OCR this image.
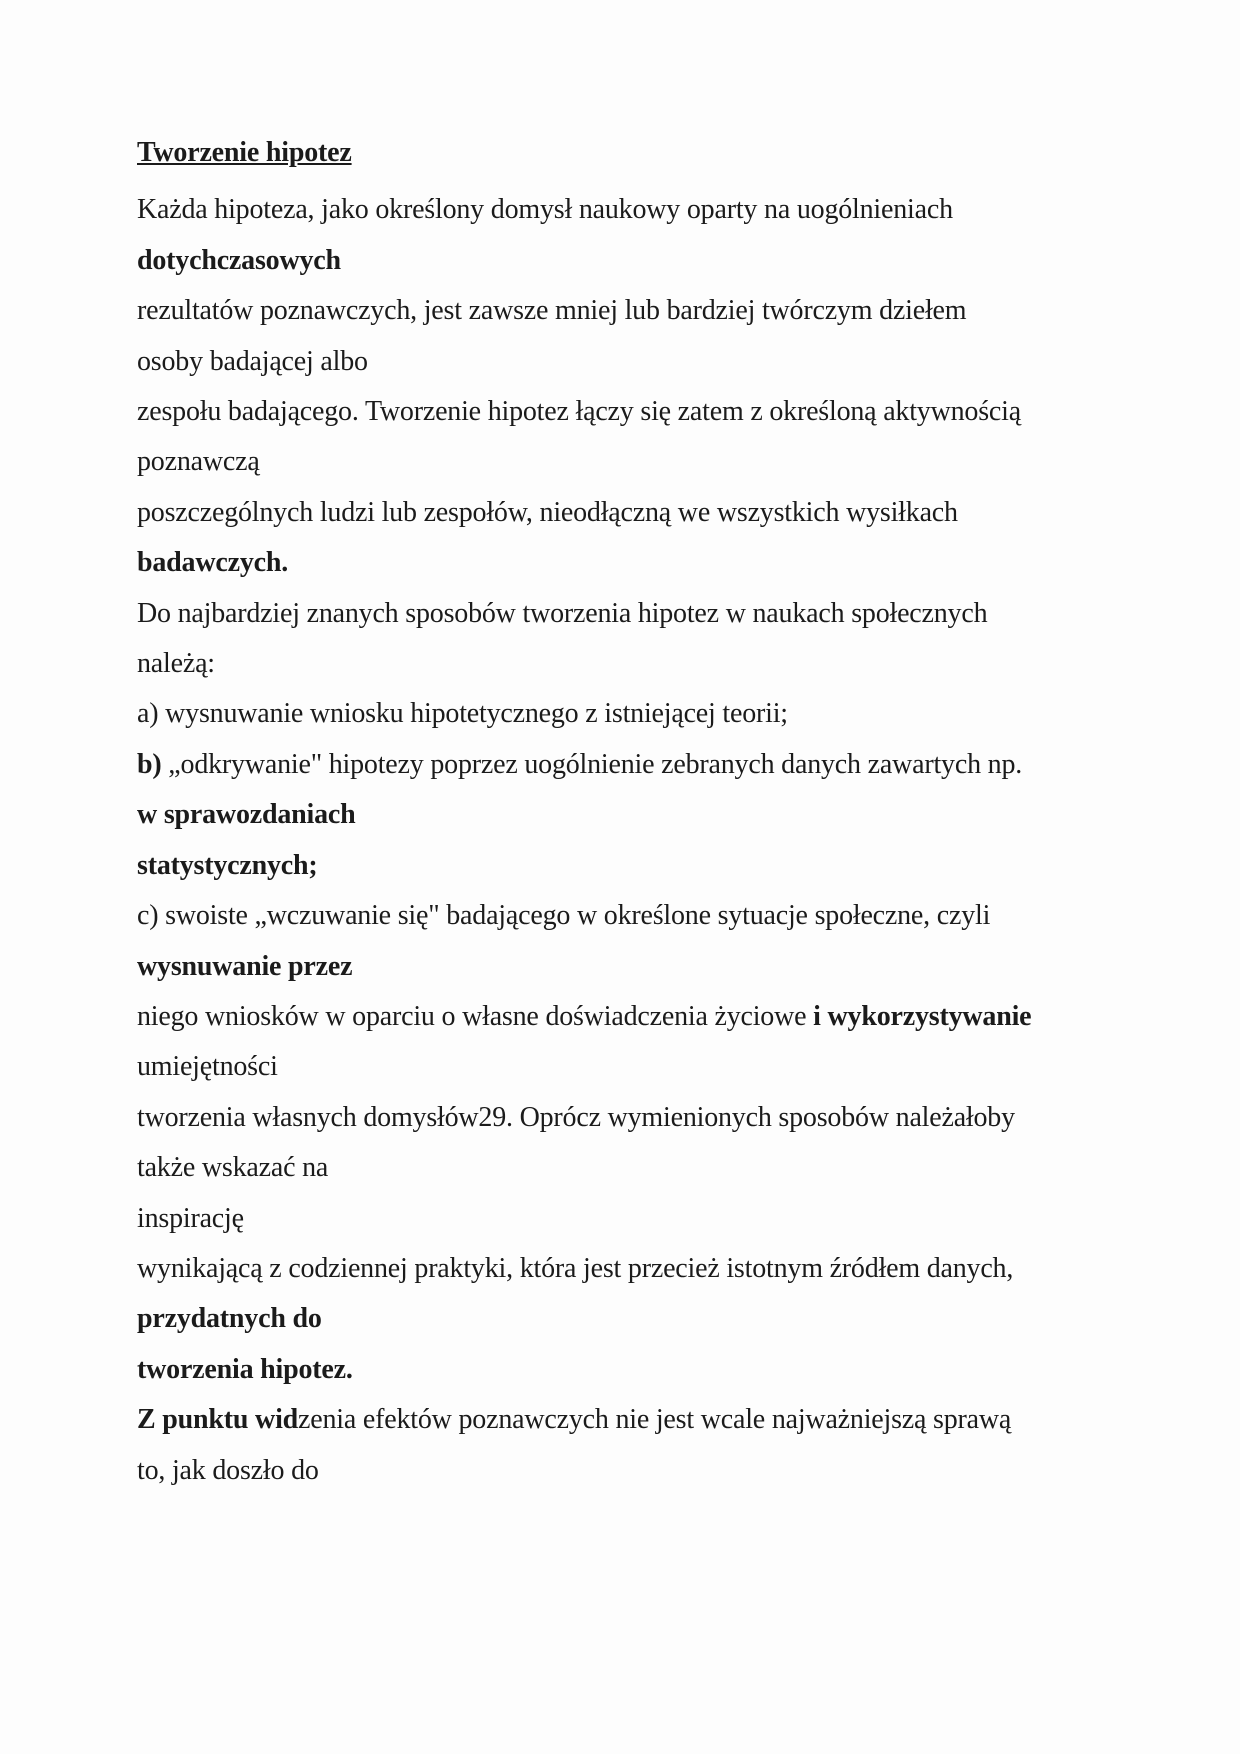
Tworzenie hipotez
Każda hipoteza, jako określony domysł naukowy oparty na uogólnieniach
dotychczasowych
rezultatów poznawczych, jest zawsze mniej lub bardziej twórczym dziełem
osoby badającej albo
zespołu badającego. Tworzenie hipotez łączy się zatem z określoną aktywnością
poznawczą
poszczególnych ludzi lub zespołów, nieodłączną we wszystkich wysiłkach
badawczych.
Do najbardziej znanych sposobów tworzenia hipotez w naukach społecznych
należą:
a) wysnuwanie wniosku hipotetycznego z istniejącej teorii;
b) „odkrywanie" hipotezy poprzez uogólnienie zebranych danych zawartych np.
w sprawozdaniach
statystycznych;
c) swoiste „wczuwanie się" badającego w określone sytuacje społeczne, czyli
wysnuwanie przez
niego wniosków w oparciu o własne doświadczenia życiowe i wykorzystywanie
umiejętności
tworzenia własnych domysłów29. Oprócz wymienionych sposobów należałoby
także wskazać na
inspirację
wynikającą z codziennej praktyki, która jest przecież istotnym źródłem danych,
przydatnych do
tworzenia hipotez.
Z punktu widzenia efektów poznawczych nie jest wcale najważniejszą sprawą
to, jak doszło do
